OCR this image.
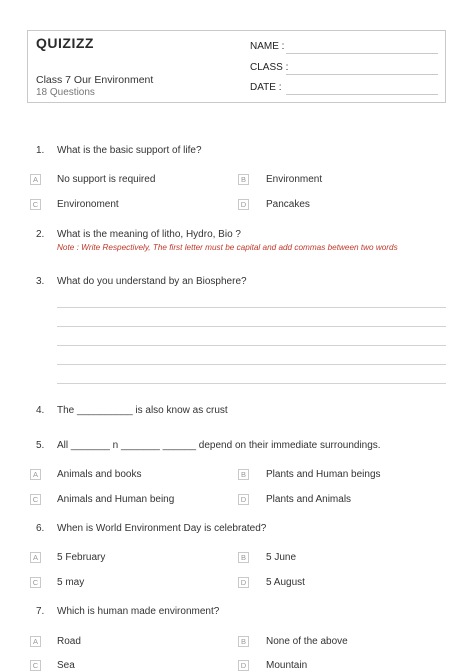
QUIZIZZ
Class 7 Our Environment
18 Questions
NAME :
CLASS :
DATE :
1. What is the basic support of life?
A	No support is required	B	Environment
C Environoment	D Pancakes
2. What is the meaning of litho, Hydro, Bio ?
Note : Write Respectively, The first letter must be capital and add commas between two words
3. What do you understand by an Biosphere?
4. The __________ is also know as crust
5. All _______ n _______ ______ depend on their immediate surroundings.
A	Animals and books	B	Plants and Human beings
C Animals and Human being	D Plants and Animals
6. When is World Environment Day is celebrated?
A	5 February	B	5 June
C 5 may	D 5 August
7. Which is human made environment?
A	Road	B	None of the above
C Sea	D Mountain
